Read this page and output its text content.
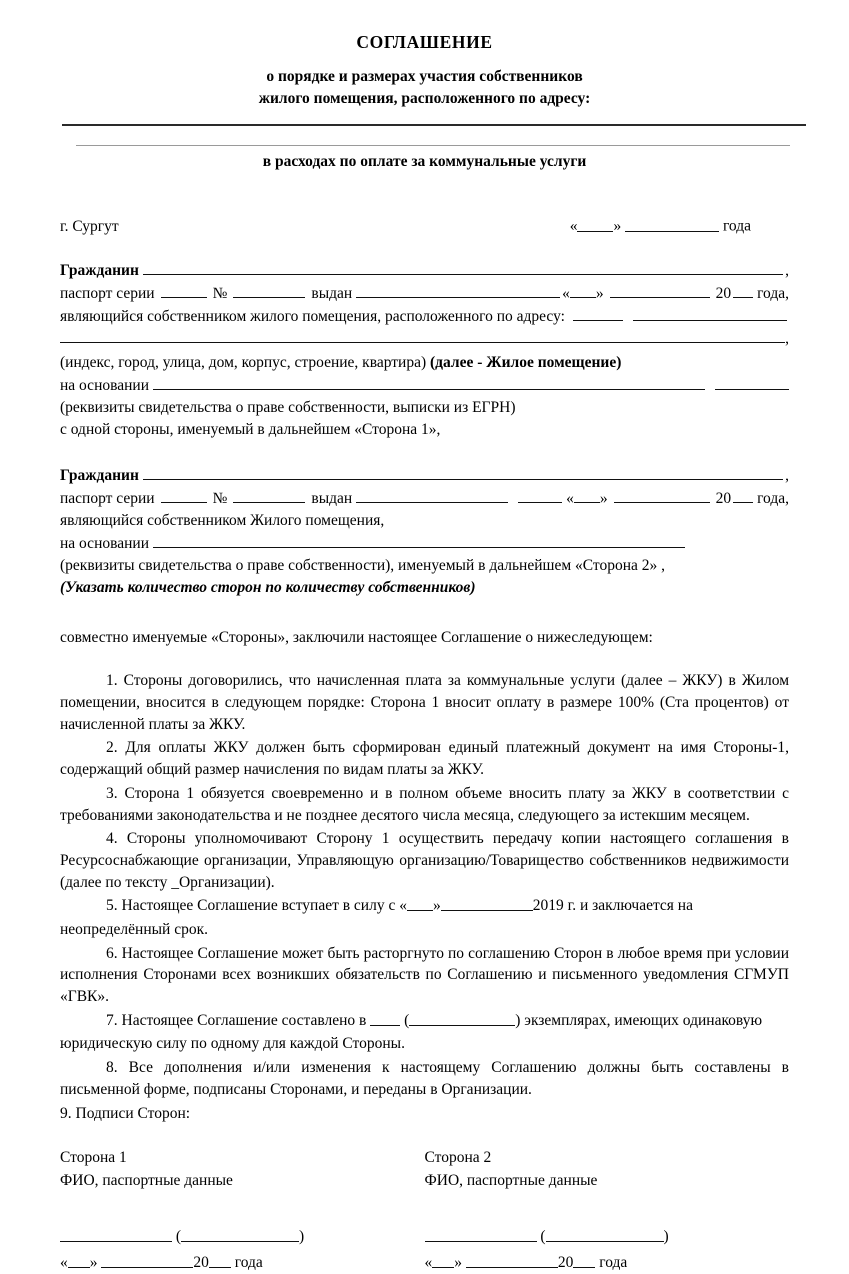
СОГЛАШЕНИЕ
о порядке и размерах участия собственников
жилого помещения, расположенного по адресу:
в расходах по оплате за коммунальные услуги
г. Сургут	« »	года
Гражданин	,
паспорт серии	№	выдан	« »	20 года,
являющийся собственником жилого помещения, расположенного по адресу:
,
(индекс, город, улица, дом, корпус, строение, квартира) (далее - Жилое помещение)
на основании
(реквизиты свидетельства о праве собственности, выписки из ЕГРН)
с одной стороны, именуемый в дальнейшем «Сторона 1»,
Гражданин	,
паспорт серии	№	выдан	« »	20 года,
являющийся собственником Жилого помещения,
на основании
(реквизиты свидетельства о праве собственности), именуемый в дальнейшем «Сторона 2» ,
(Указать количество сторон по количеству собственников)
совместно именуемые «Стороны», заключили настоящее Соглашение о нижеследующем:
1. Стороны договорились, что начисленная плата за коммунальные услуги (далее – ЖКУ) в Жилом помещении, вносится в следующем порядке: Сторона 1 вносит оплату в размере 100% (Ста процентов) от начисленной платы за ЖКУ.
2. Для оплаты ЖКУ должен быть сформирован единый платежный документ на имя Стороны-1, содержащий общий размер начисления по видам платы за ЖКУ.
3. Сторона 1 обязуется своевременно и в полном объеме вносить плату за ЖКУ в соответствии с требованиями законодательства и не позднее десятого числа месяца, следующего за истекшим месяцем.
4. Стороны уполномочивают Сторону 1 осуществить передачу копии настоящего соглашения в Ресурсоснабжающие организации, Управляющую организацию/Товарищество собственников недвижимости (далее по тексту _Организации).
5. Настоящее Соглашение вступает в силу с « »	2019 г. и заключается на
неопределённый срок.
6. Настоящее Соглашение может быть расторгнуто по соглашению Сторон в любое время при условии исполнения Сторонами всех возникших обязательств по Соглашению и письменного уведомления СГМУП «ГВК».
7. Настоящее Соглашение составлено в (	) экземплярах, имеющих одинаковую
юридическую силу по одному для каждой Стороны.
8. Все дополнения и/или изменения к настоящему Соглашению должны быть составлены в письменной форме, подписаны Сторонами, и переданы в Организации.
9. Подписи Сторон:
Сторона 1
ФИО, паспортные данные
(	)
« »	20 года
Сторона 2
ФИО, паспортные данные
(	)
« »	20 года
